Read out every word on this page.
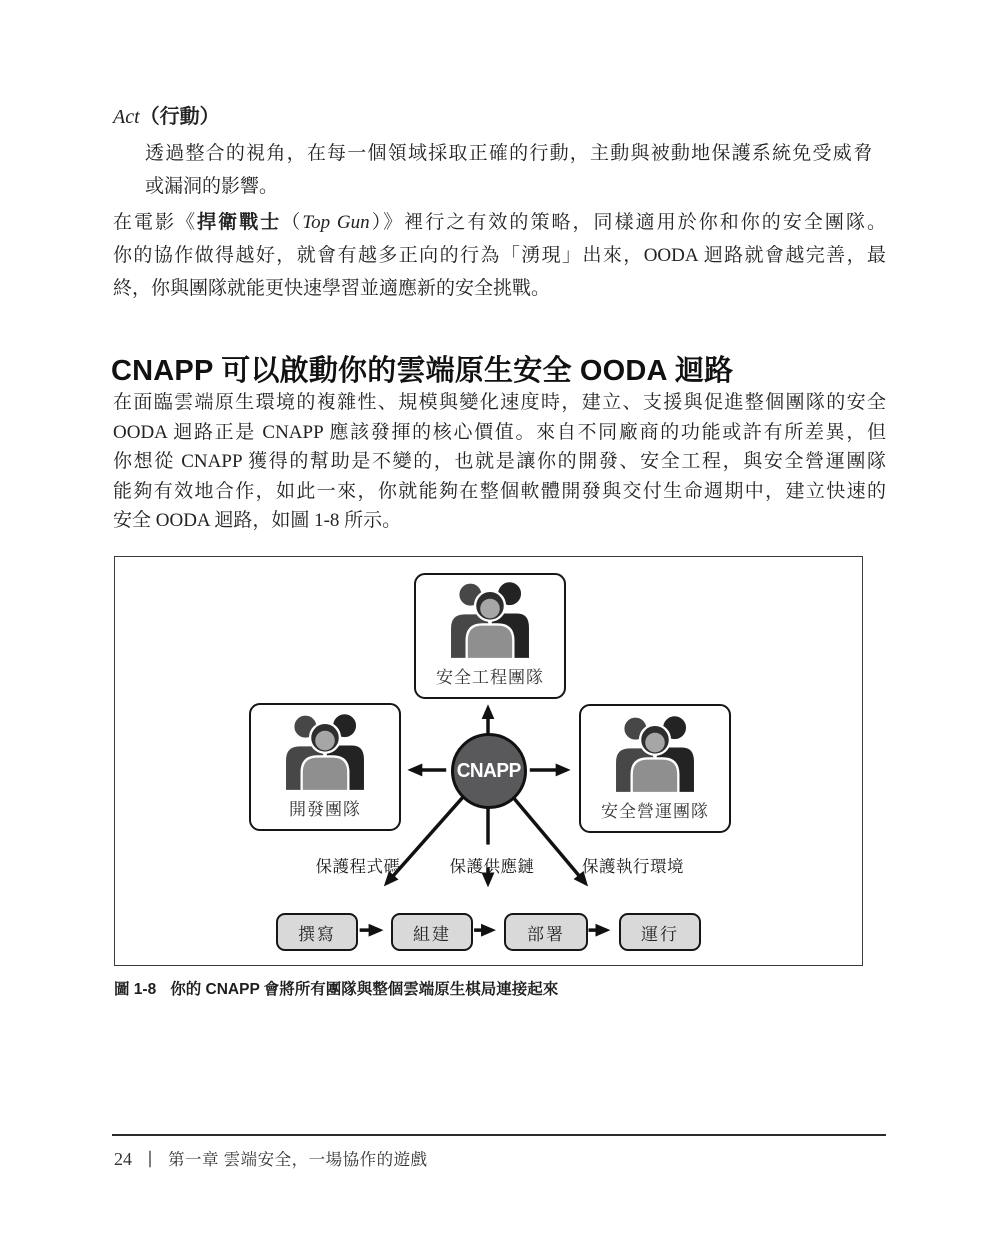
Act（行動）
透過整合的視角，在每一個領域採取正確的行動，主動與被動地保護系統免受威脅
或漏洞的影響。
在電影《捍衛戰士（Top Gun）》裡行之有效的策略，同樣適用於你和你的安全團隊。
你的協作做得越好，就會有越多正向的行為「湧現」出來，OODA 迴路就會越完善，最
終，你與團隊就能更快速學習並適應新的安全挑戰。
CNAPP 可以啟動你的雲端原生安全 OODA 迴路
在面臨雲端原生環境的複雜性、規模與變化速度時，建立、支援與促進整個團隊的安全
OODA 迴路正是 CNAPP 應該發揮的核心價值。來自不同廠商的功能或許有所差異，但
你想從 CNAPP 獲得的幫助是不變的，也就是讓你的開發、安全工程，與安全營運團隊
能夠有效地合作，如此一來，你就能夠在整個軟體開發與交付生命週期中，建立快速的
安全 OODA 迴路，如圖 1-8 所示。
安全工程團隊
開發團隊	安全營運團隊
CNAPP
保護程式碼	保護供應鏈	保護執行環境
撰寫	組建	部署	運行
圖 1-8 你的 CNAPP 會將所有團隊與整個雲端原生棋局連接起來
24 ｜ 第一章 雲端安全，一場協作的遊戲
